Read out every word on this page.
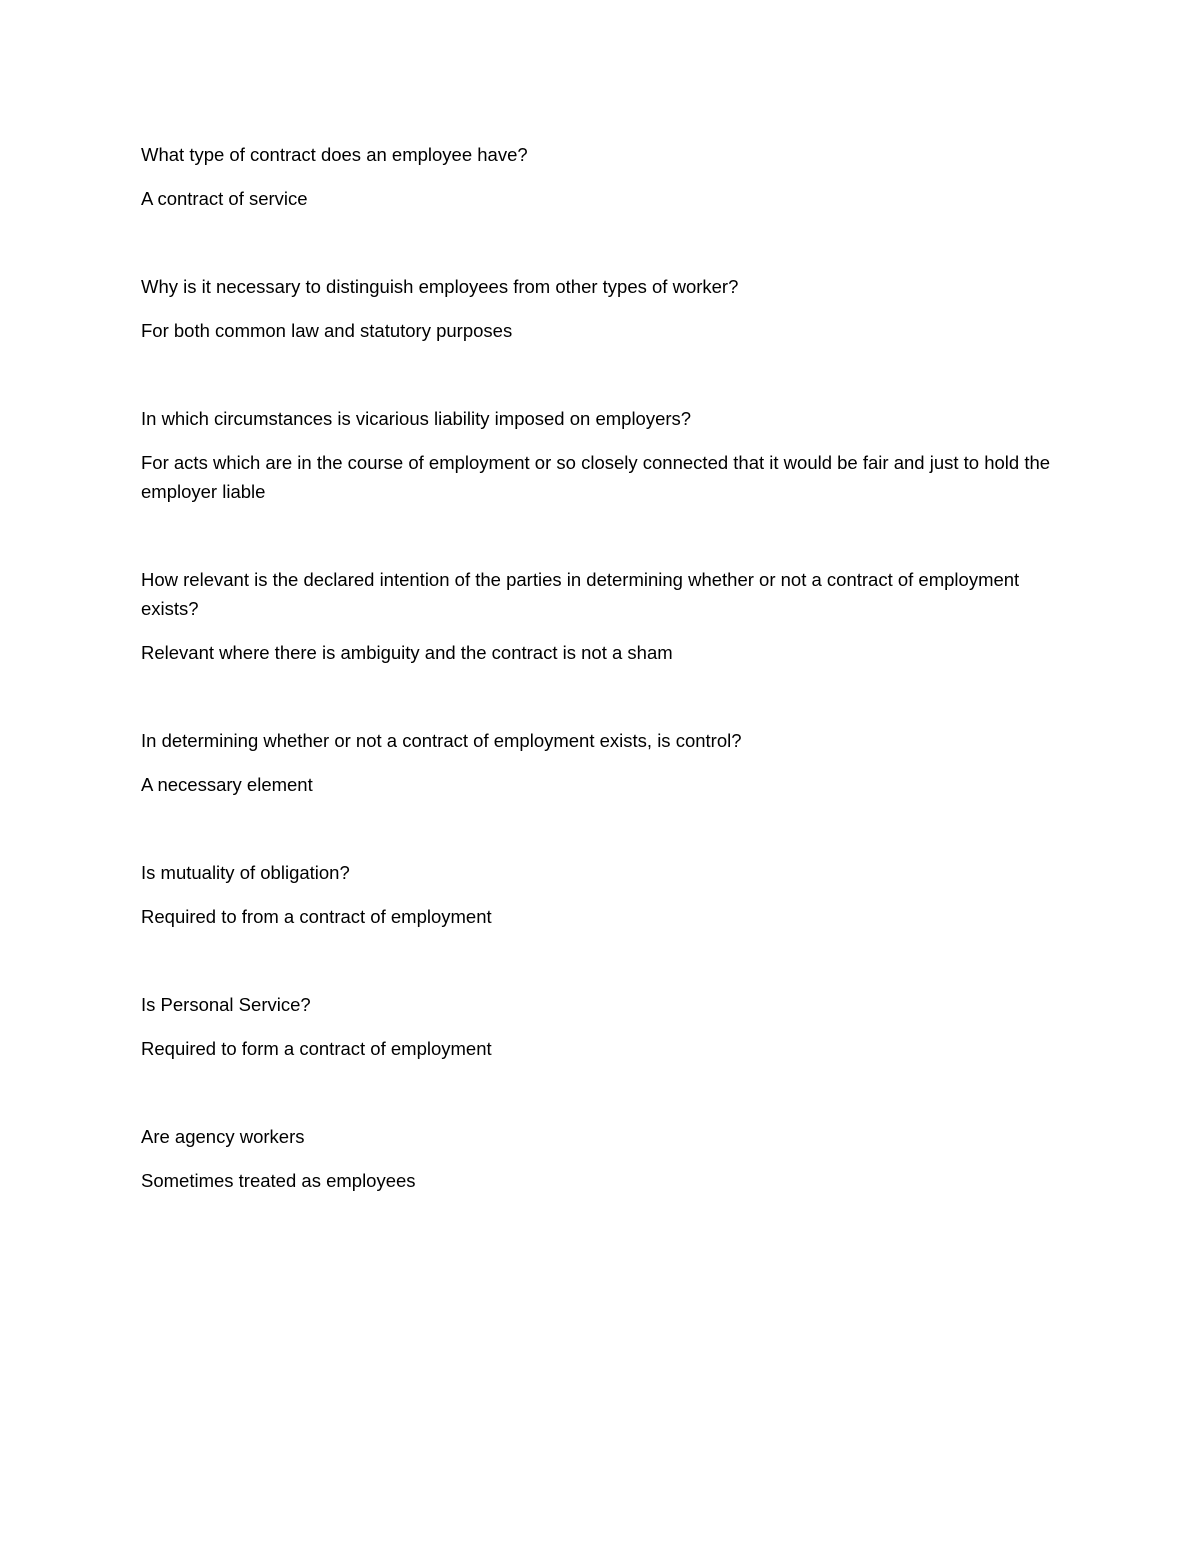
What type of contract does an employee have?

A contract of service

Why is it necessary to distinguish employees from other types of worker?

For both common law and statutory purposes

In which circumstances is vicarious liability imposed on employers?

For acts which are in the course of employment or so closely connected that it would be fair and just to hold the employer liable

How relevant is the declared intention of the parties in determining whether or not a contract of employment exists?

Relevant where there is ambiguity and the contract is not a sham

In determining whether or not a contract of employment exists, is control?

A necessary element

Is mutuality of obligation?

Required to from a contract of employment

Is Personal Service?

Required to form a contract of employment

Are agency workers

Sometimes treated as employees
